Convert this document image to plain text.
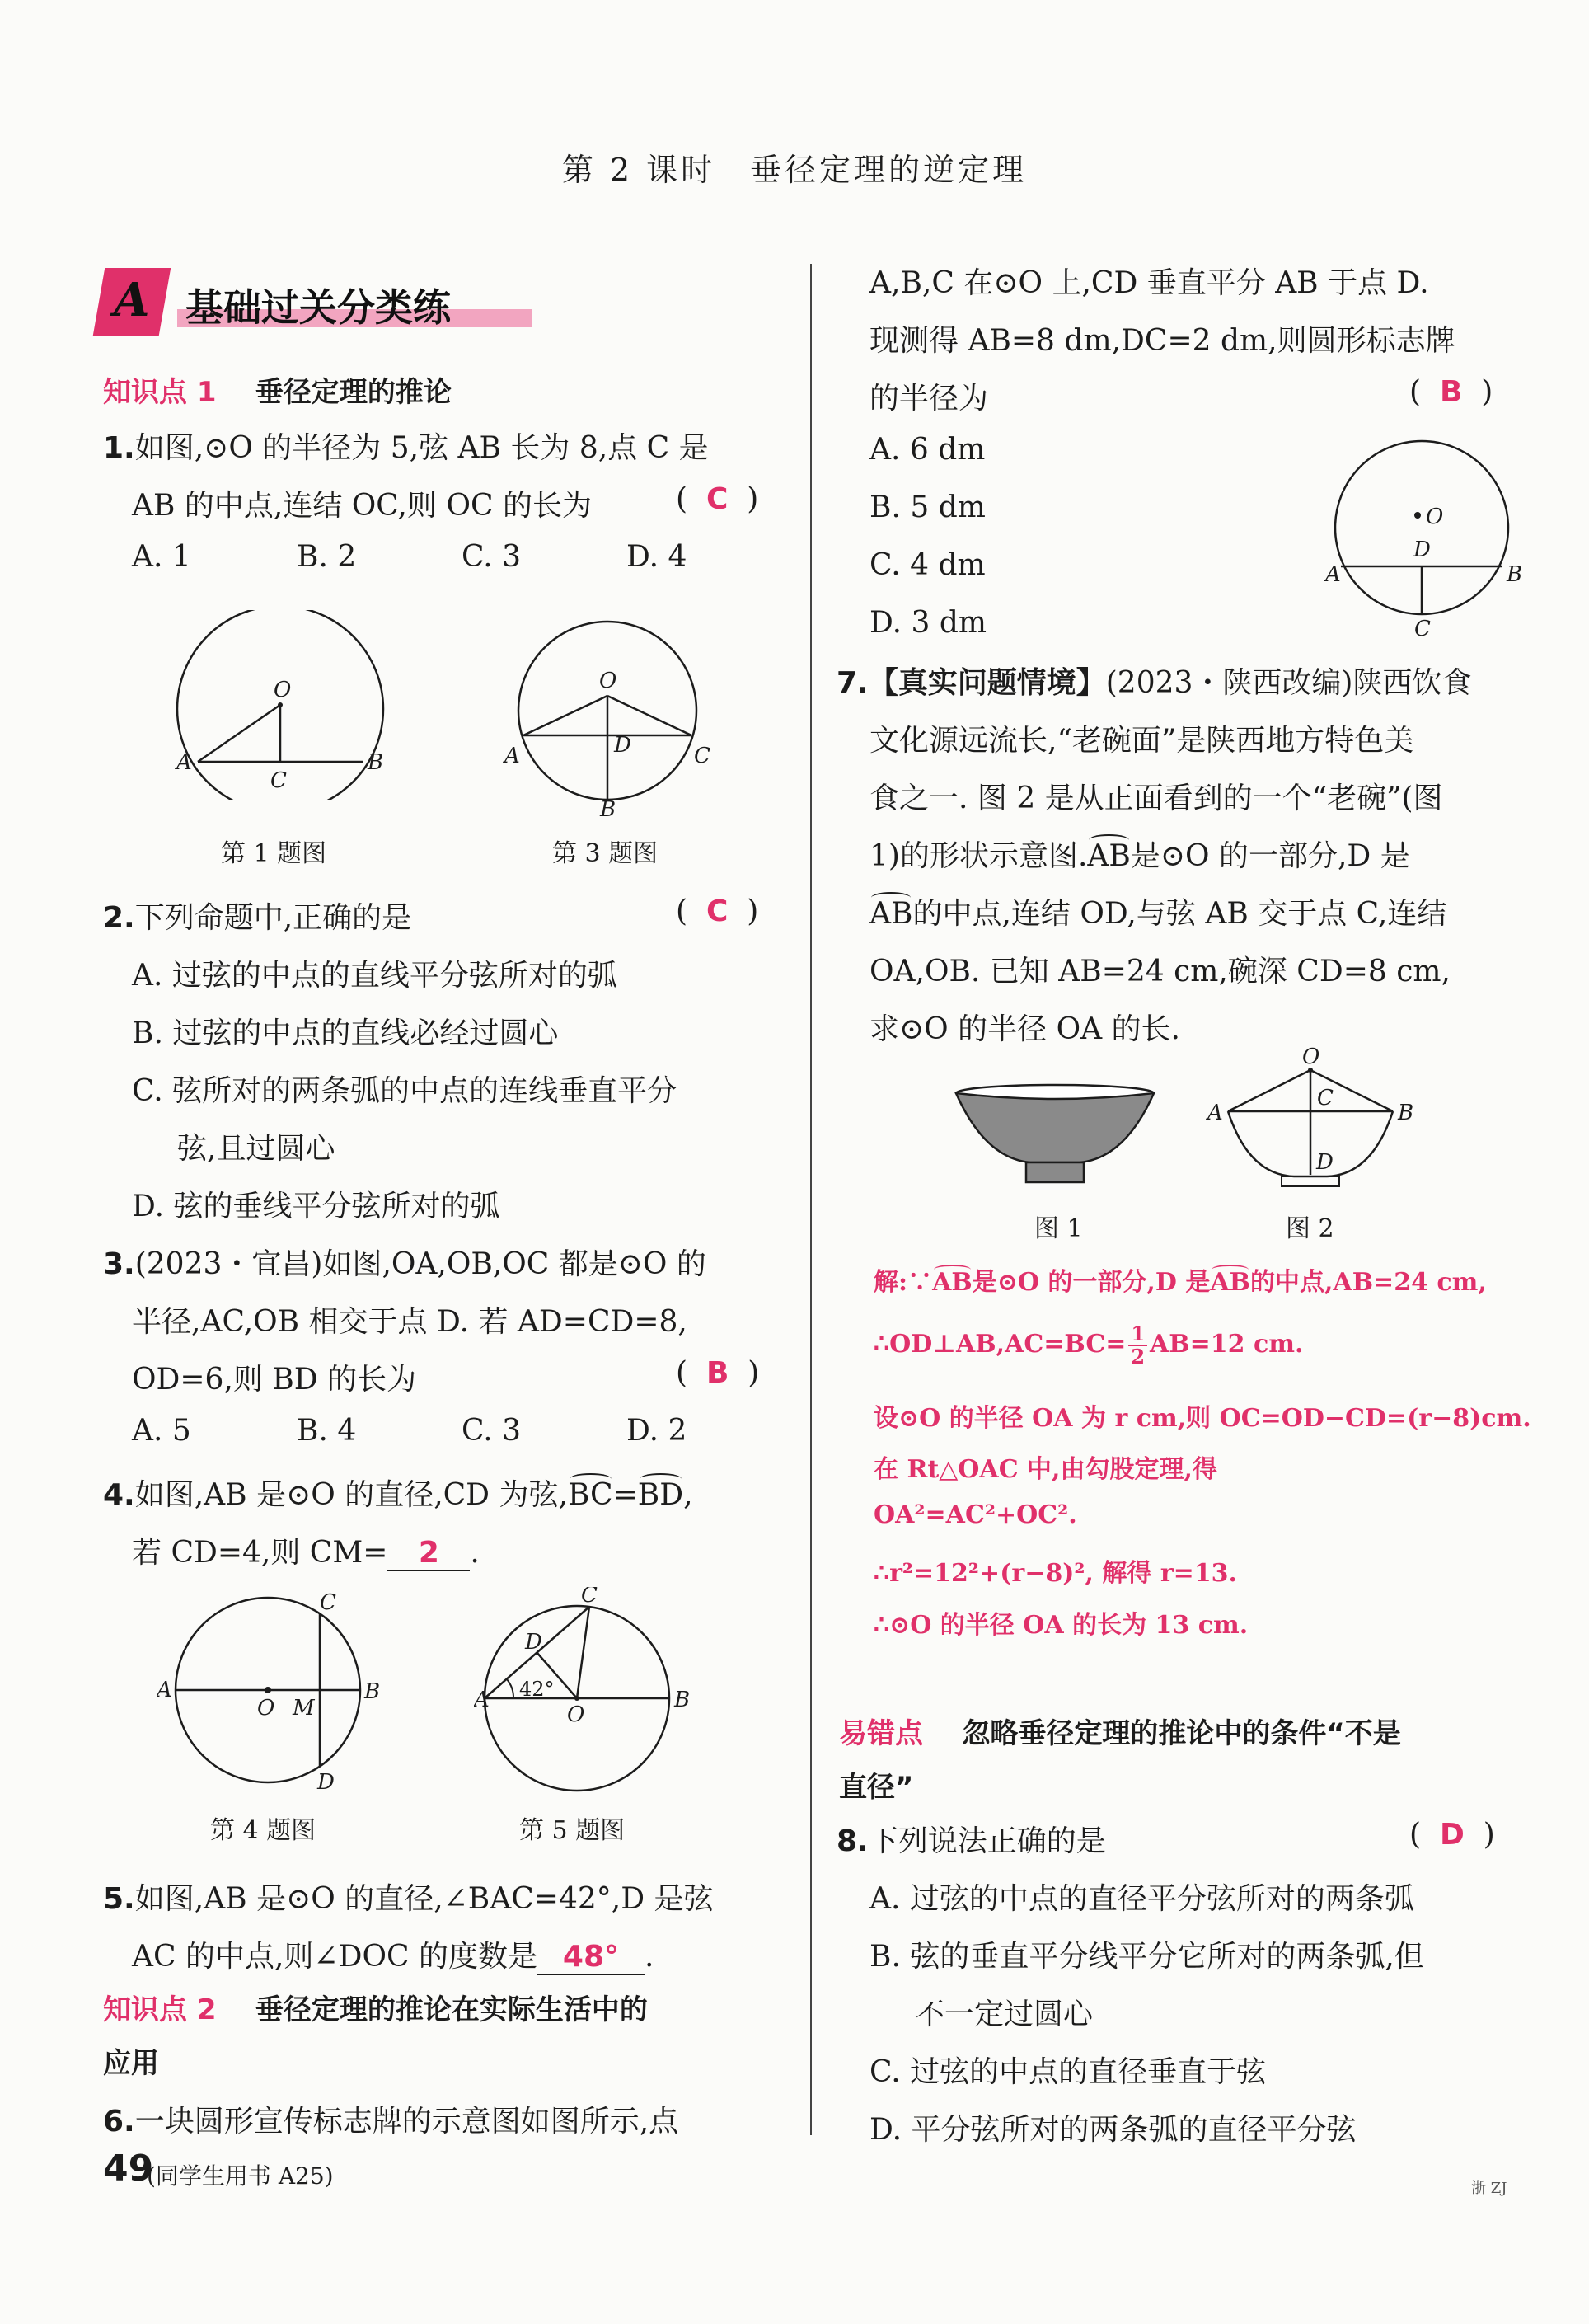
第 2 课时　垂径定理的逆定理
A 基础过关分类练
知识点 1 垂径定理的推论
1.如图,⊙O 的半径为 5,弦 AB 长为 8,点 C 是
AB 的中点,连结 OC,则 OC 的长为	(  C  )
A. 1	B. 2	C. 3	D. 4
O
A	B
C
第 1 题图
O
D
A	C
B
第 3 题图
2.下列命题中,正确的是	(  C  )
A. 过弦的中点的直线平分弦所对的弧
B. 过弦的中点的直线必经过圆心
C. 弦所对的两条弧的中点的连线垂直平分
弦,且过圆心
D. 弦的垂线平分弦所对的弧
3.(2023・宜昌)如图,OA,OB,OC 都是⊙O 的
半径,AC,OB 相交于点 D. 若 AD=CD=8,
OD=6,则 BD 的长为	(  B  )
A. 5	B. 4	C. 3	D. 2
4.如图,AB 是⊙O 的直径,CD 为弦,
BC=
BD,
若 CD=4,则 CM= 2 .
A	B
C
D
O M
第 4 题图
A	B
C
D
O
42°
第 5 题图
5.如图,AB 是⊙O 的直径,∠BAC=42°,D 是弦
AC 的中点,则∠DOC 的度数是 48° .
知识点 2 垂径定理的推论在实际生活中的
应用
6.一块圆形宣传标志牌的示意图如图所示,点
A,B,C 在⊙O 上,CD 垂直平分 AB 于点 D.
现测得 AB=8 dm,DC=2 dm,则圆形标志牌
的半径为	(  B  )
A. 6 dm
B. 5 dm
C. 4 dm
D. 3 dm
O
D
A	B
C
7.【真实问题情境】(2023・陕西改编)陕西饮食
文化源远流长,“老碗面”是陕西地方特色美
食之一. 图 2 是从正面看到的一个“老碗”(图
1)的形状示意图.
AB是⊙O 的一部分,D 是
AB的中点,连结 OD,与弦 AB 交于点 C,连结
OA,OB. 已知 AB=24 cm,碗深 CD=8 cm,
求⊙O 的半径 OA 的长.
O
C
A	B
D
图 1	图 2
解:∵
AB是⊙O 的一部分,D 是
AB的中点,AB=24 cm,
∴OD⊥AB,AC=BC= $\frac{1}{2} AB=12$ cm.
设⊙O 的半径 OA 为 r cm,则 OC=OD−CD=(r−8)cm.
在 Rt△OAC 中,由勾股定理,得
OA²=AC²+OC².
∴r²=12²+(r−8)², 解得 r=13.
∴⊙O 的半径 OA 的长为 13 cm.
易错点 忽略垂径定理的推论中的条件“不是
直径”
8.下列说法正确的是	(  D  )
A. 过弦的中点的直径平分弦所对的两条弧
B. 弦的垂直平分线平分它所对的两条弧,但
不一定过圆心
C. 过弦的中点的直径垂直于弦
D. 平分弦所对的两条弧的直径平分弦
49
(同学生用书 A25)	浙 ZJ
